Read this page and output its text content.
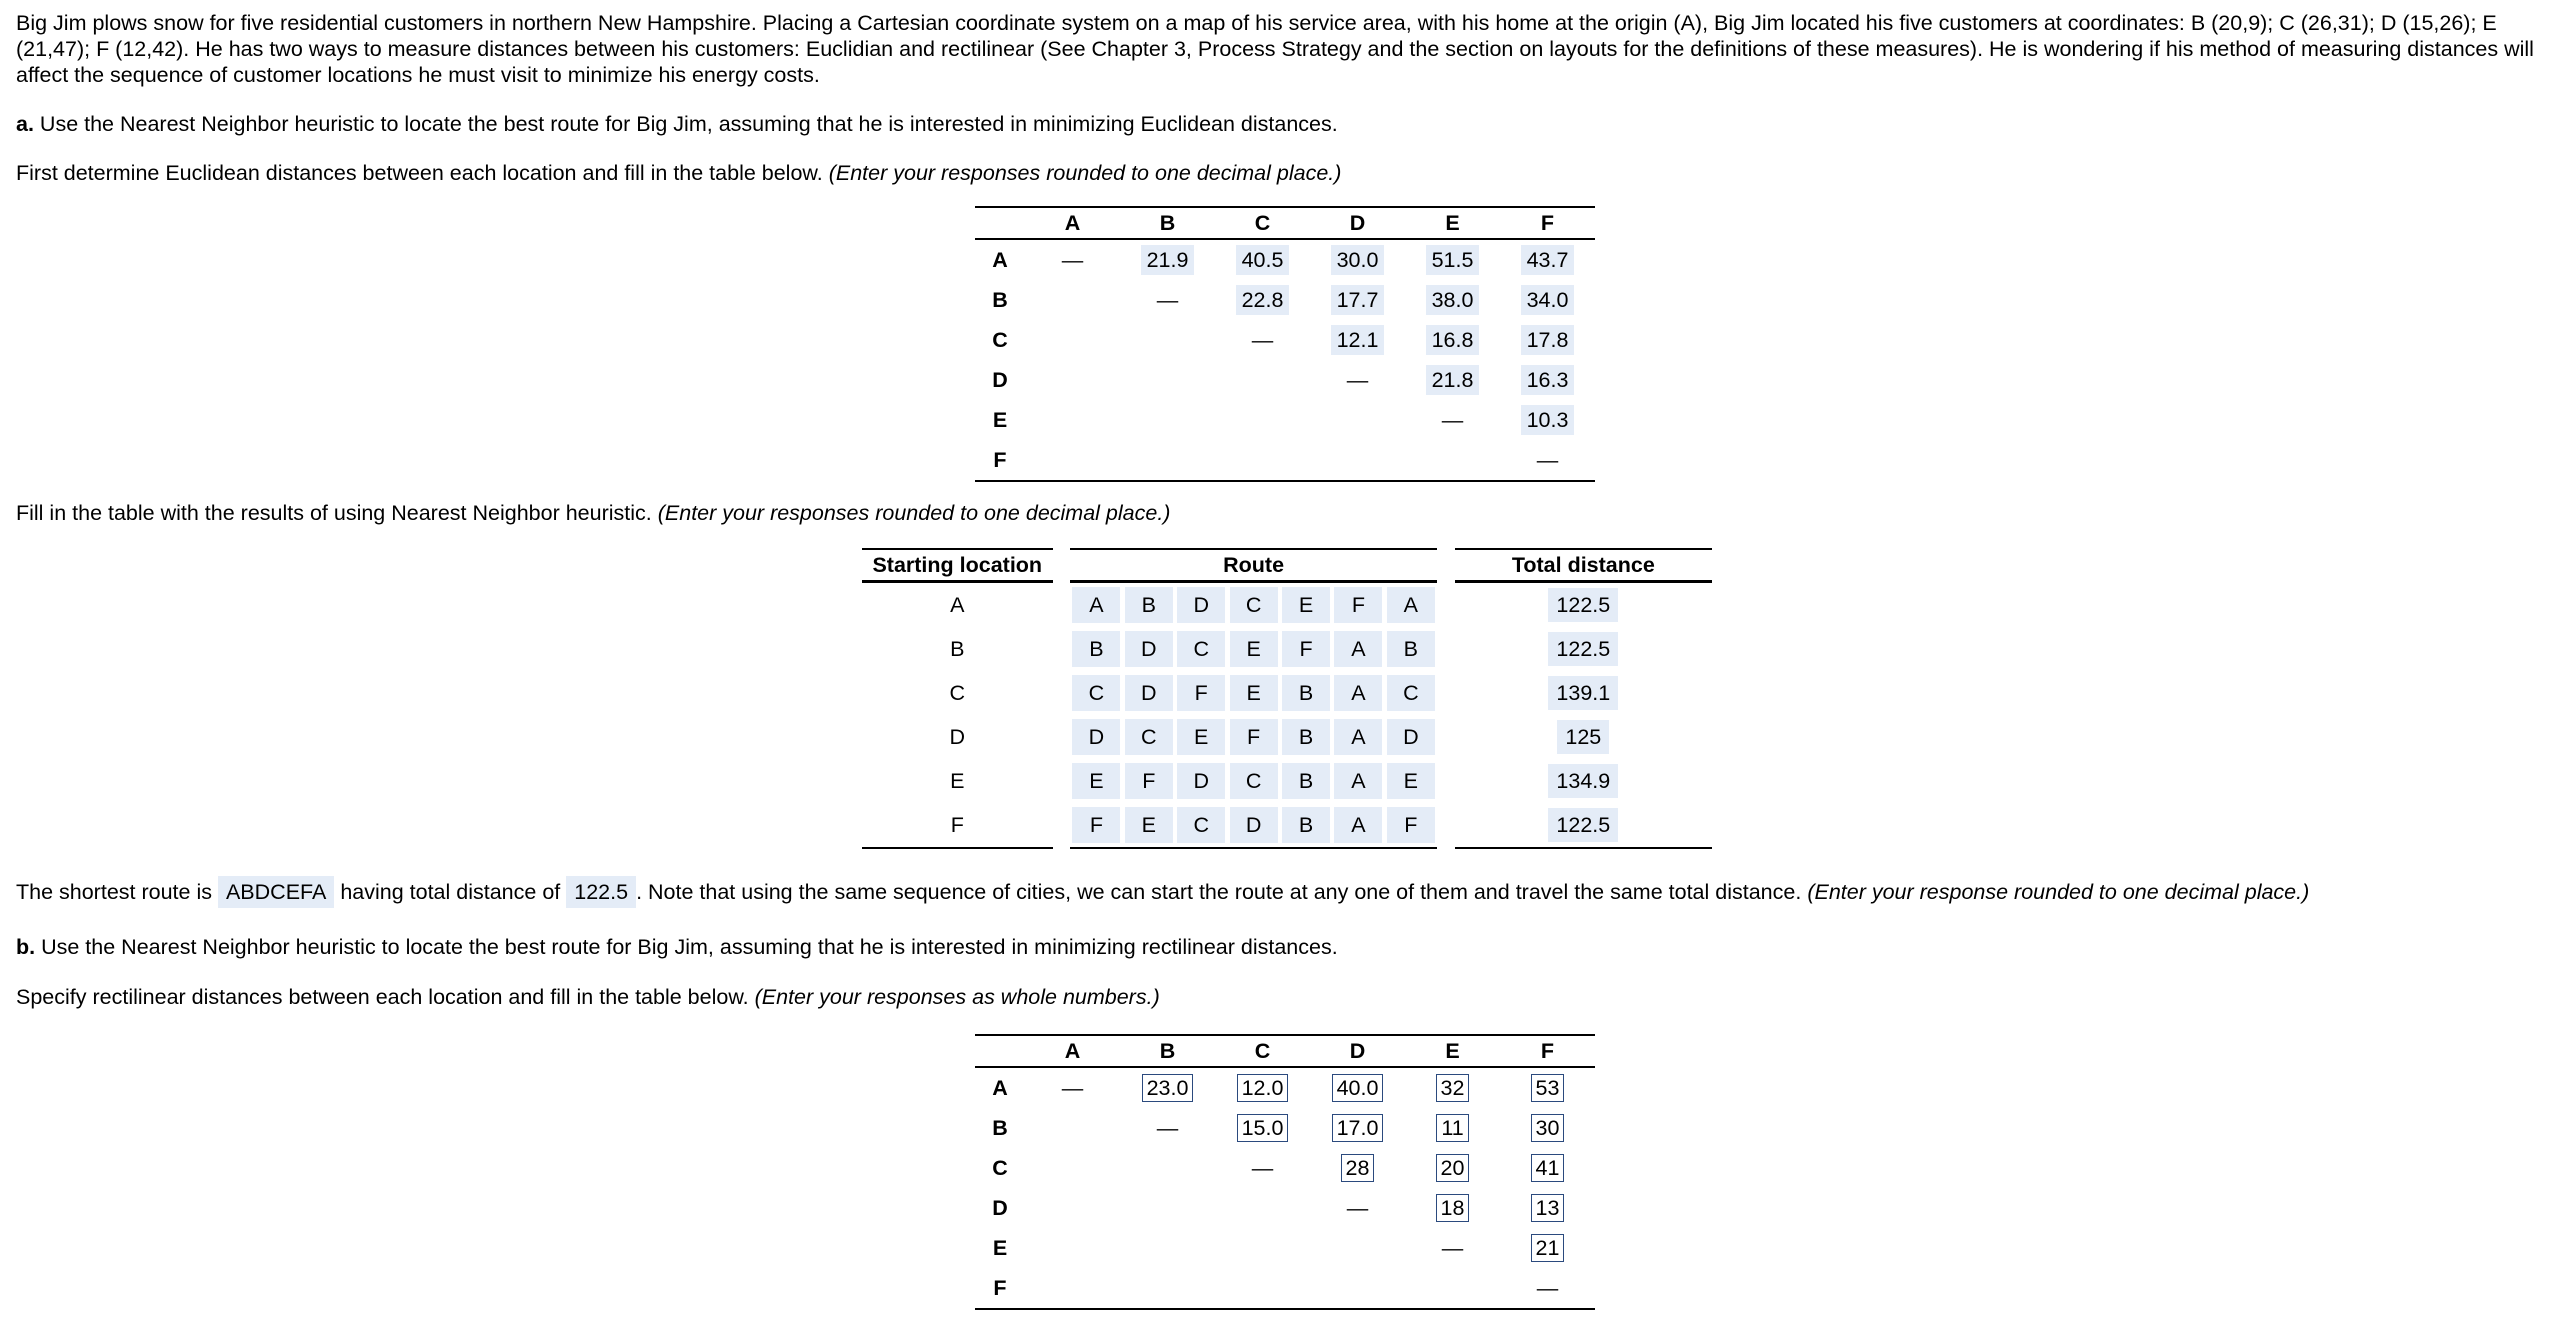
Big Jim plows snow for five residential customers in northern New Hampshire. Placing a Cartesian coordinate system on a map of his service area, with his home at the origin (A), Big Jim located his five customers at coordinates: B (20,9); C (26,31); D (15,26); E (21,47); F (12,42). He has two ways to measure distances between his customers: Euclidian and rectilinear (See Chapter 3, Process Strategy and the section on layouts for the definitions of these measures). He is wondering if his method of measuring distances will affect the sequence of customer locations he must visit to minimize his energy costs.

a. Use the Nearest Neighbor heuristic to locate the best route for Big Jim, assuming that he is interested in minimizing Euclidean distances.

First determine Euclidean distances between each location and fill in the table below. (Enter your responses rounded to one decimal place.)

	A	B	C	D	E	F
A	—	21.9	40.5	30.0	51.5	43.7
B		—	22.8	17.7	38.0	34.0
C			—	12.1	16.8	17.8
D				—	21.8	16.3
E					—	10.3
F						—

Fill in the table with the results of using Nearest Neighbor heuristic. (Enter your responses rounded to one decimal place.)

Starting location		Route								Total distance
A		A	B	D	C	E	F	A		122.5
B		B	D	C	E	F	A	B		122.5
C		C	D	F	E	B	A	C		139.1
D		D	C	E	F	B	A	D		125
E		E	F	D	C	B	A	E		134.9
F		F	E	C	D	B	A	F		122.5

The shortest route is ABDCEFA having total distance of 122.5 . Note that using the same sequence of cities, we can start the route at any one of them and travel the same total distance. (Enter your response rounded to one decimal place.)

b. Use the Nearest Neighbor heuristic to locate the best route for Big Jim, assuming that he is interested in minimizing rectilinear distances.

Specify rectilinear distances between each location and fill in the table below. (Enter your responses as whole numbers.)

	A	B	C	D	E	F
A	—	23.0	12.0	40.0	32	53
B		—	15.0	17.0	11	30
C			—	28	20	41
D				—	18	13
E					—	21
F						—
